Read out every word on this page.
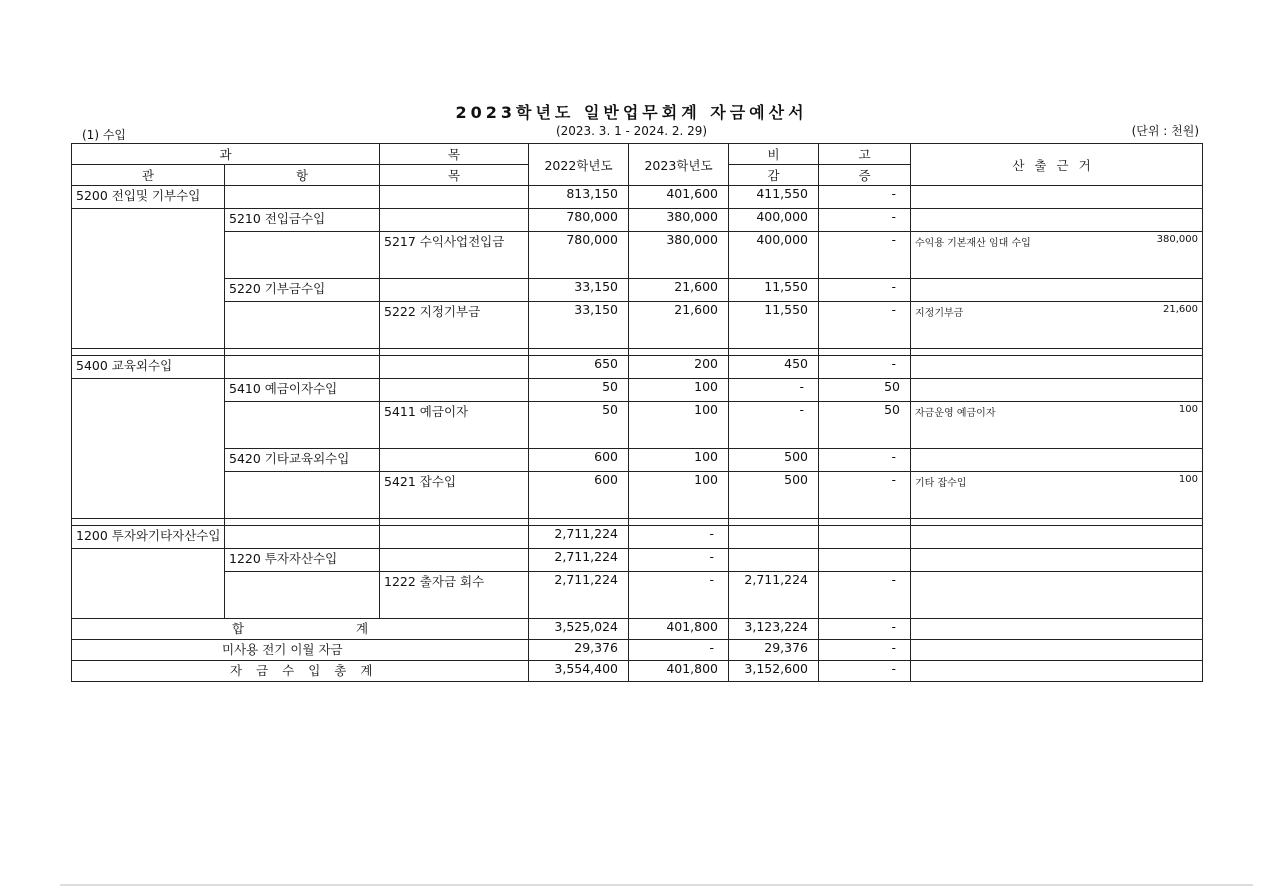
2023학년도 일반업무회계 자금예산서
(2023. 3. 1 - 2024. 2. 29)
(1) 수입	(단위 : 천원)
과		목	2022학년도	2023학년도	비	고	산출근거
관	항	목			감	증	
5200 전입및 기부수입			813,150	401,600	411,550	-	

	5210 전입금수입		780,000	380,000	400,000	-	

		5217 수익사업전입금	780,000	380,000	400,000	-	수익용 기본재산 임대 수입 380,000

	5220 기부금수입		33,150	21,600	11,550	-	

		5222 지정기부금	33,150	21,600	11,550	-	지정기부금 21,600

5400 교육외수입			650	200	450	-	

	5410 예금이자수입		50	100	-	50	

		5411 예금이자	50	100	-	50	자금운영 예금이자 100

	5420 기타교육외수입		600	100	500	-	

		5421 잡수입	600	100	500	-	기타 잡수입 100

1200 투자와기타자산수입			2,711,224	-			

	1220 투자자산수입		2,711,224	-			

		1222 출자금 회수	2,711,224	-	2,711,224	-	

합 계			3,525,024	401,800	3,123,224	-	
미사용 전기 이월 자금			29,376	-	29,376	-	
자금수입총계			3,554,400	401,800	3,152,600	-	
